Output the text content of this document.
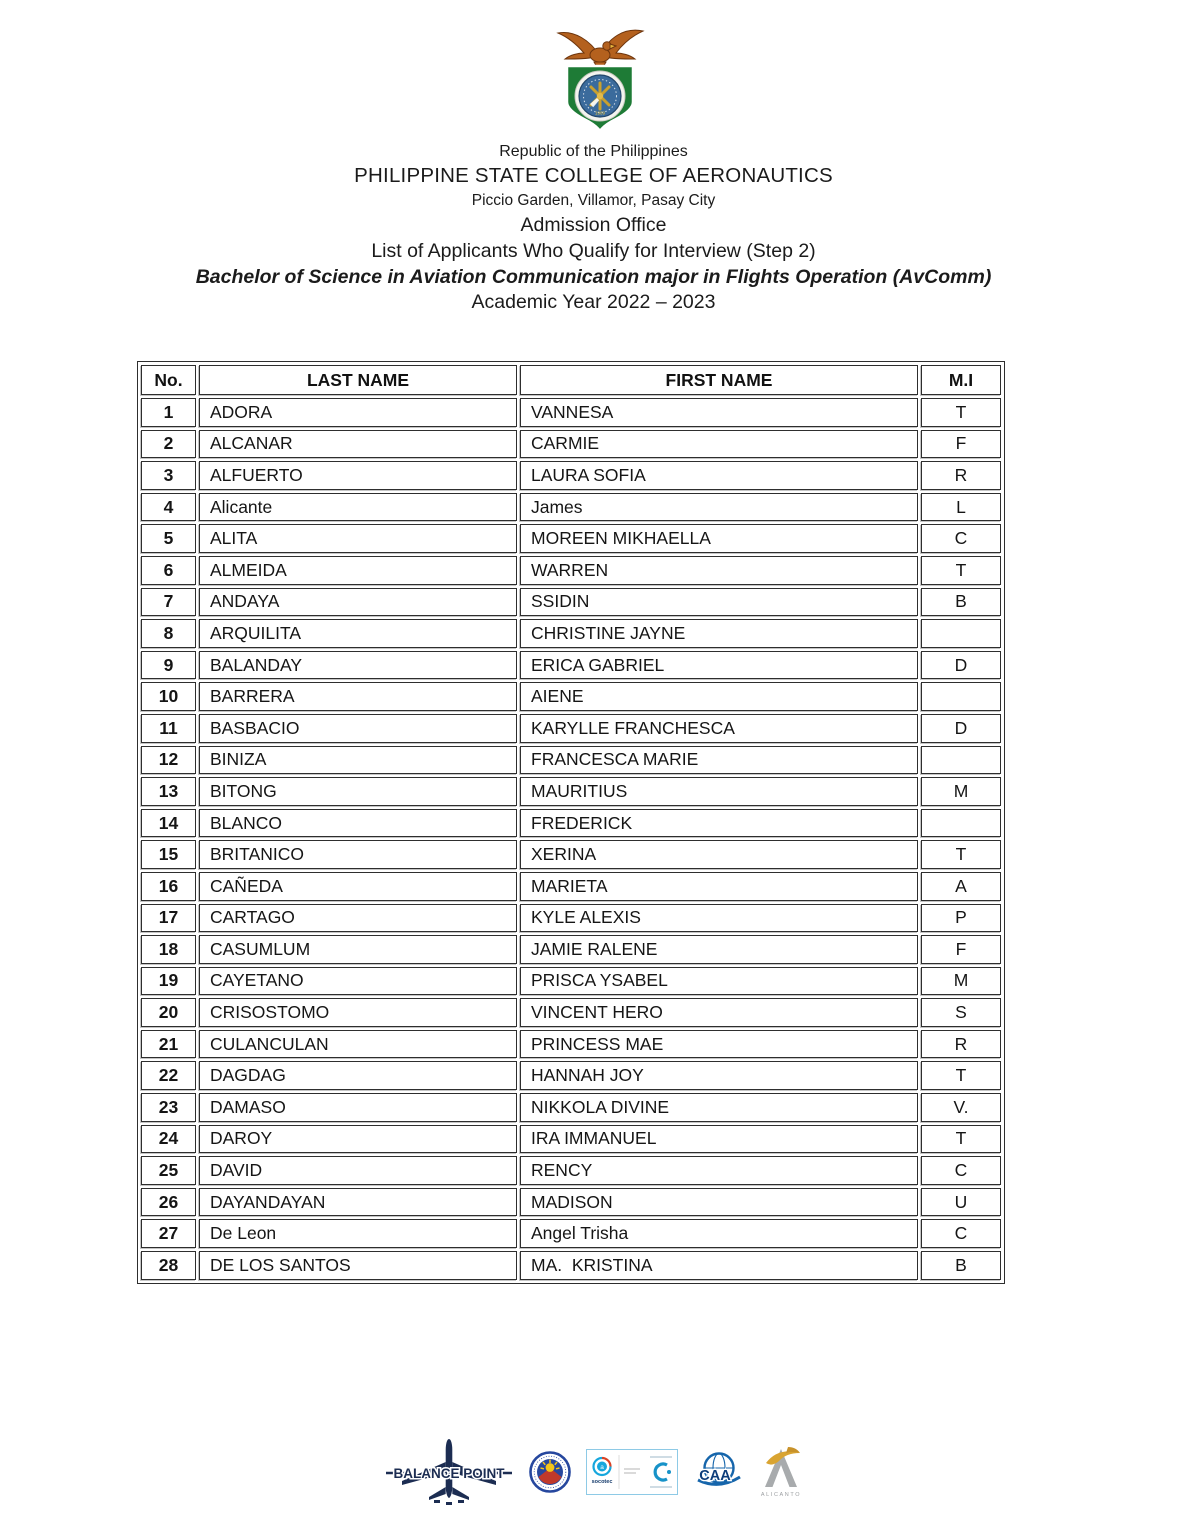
1969
Republic of the Philippines
PHILIPPINE STATE COLLEGE OF AERONAUTICS
Piccio Garden, Villamor, Pasay City
Admission Office
List of Applicants Who Qualify for Interview (Step 2)
Bachelor of Science in Aviation Communication major in Flights Operation (AvComm)
Academic Year 2022 – 2023
No.	LAST NAME	FIRST NAME	M.I
1	ADORA	VANNESA	T
2	ALCANAR	CARMIE	F
3	ALFUERTO	LAURA SOFIA	R
4	Alicante	James	L
5	ALITA	MOREEN MIKHAELLA	C
6	ALMEIDA	WARREN	T
7	ANDAYA	SSIDIN	B
8	ARQUILITA	CHRISTINE JAYNE	
9	BALANDAY	ERICA GABRIEL	D
10	BARRERA	AIENE	
11	BASBACIO	KARYLLE FRANCHESCA	D
12	BINIZA	FRANCESCA MARIE	
13	BITONG	MAURITIUS	M
14	BLANCO	FREDERICK	
15	BRITANICO	XERINA	T
16	CAÑEDA	MARIETA	A
17	CARTAGO	KYLE ALEXIS	P
18	CASUMLUM	JAMIE RALENE	F
19	CAYETANO	PRISCA YSABEL	M
20	CRISOSTOMO	VINCENT HERO	S
21	CULANCULAN	PRINCESS MAE	R
22	DAGDAG	HANNAH JOY	T
23	DAMASO	NIKKOLA DIVINE	V.
24	DAROY	IRA IMMANUEL	T
25	DAVID	RENCY	C
26	DAYANDAYAN	MADISON	U
27	De Leon	Angel Trisha	C
28	DE LOS SANTOS	MA.  KRISTINA	B
BALANCE POINT	a
socotec	CAA
ALICANTO
